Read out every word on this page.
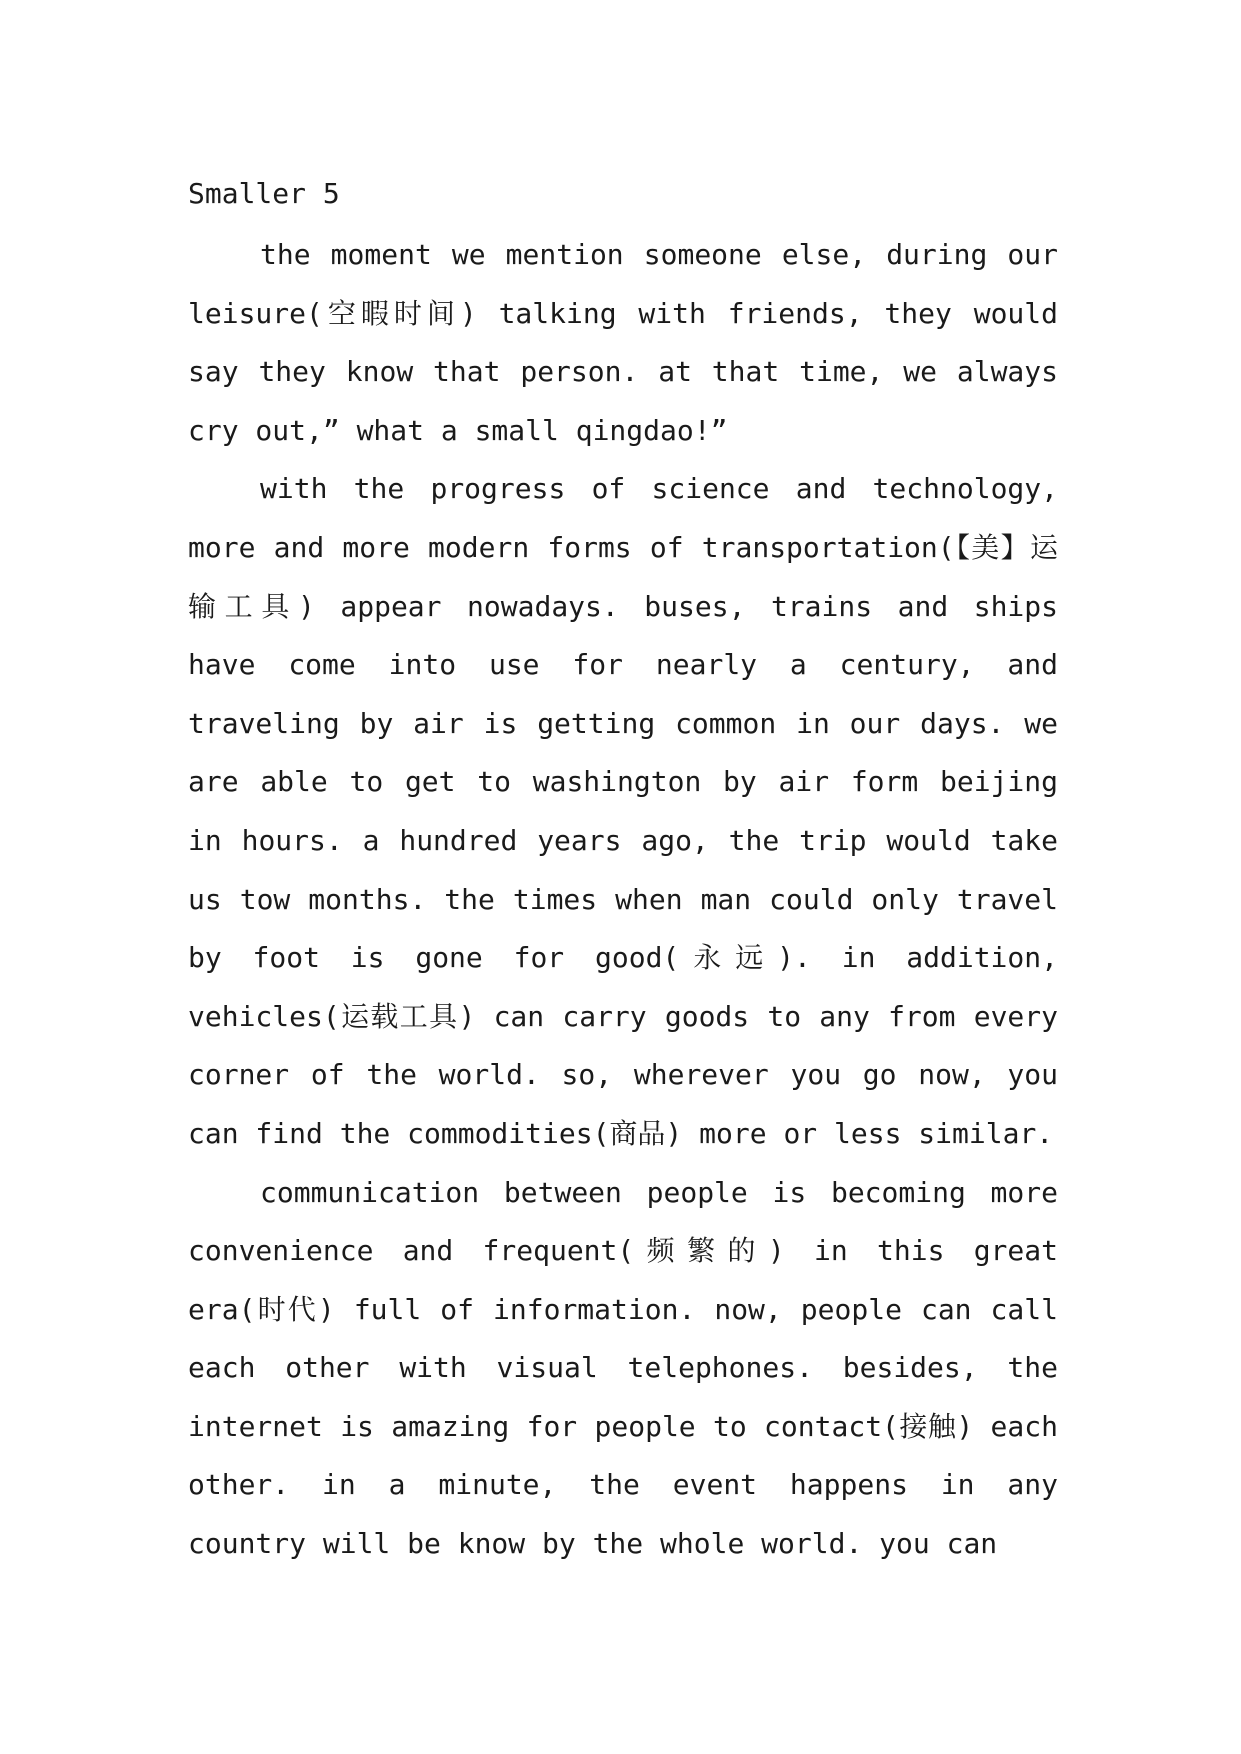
Smaller 5

the moment we mention someone else, during our leisure(空暇时间) talking with friends, they would say they know that person. at that time, we always cry out,” what a small qingdao!”

with the progress of science and technology, more and more modern forms of transportation(【美】运输工具) appear nowadays. buses, trains and ships have come into use for nearly a century, and traveling by air is getting common in our days. we are able to get to washington by air form beijing in hours. a hundred years ago, the trip would take us tow months. the times when man could only travel by foot is gone for good(永远). in addition, vehicles(运载工具) can carry goods to any from every corner of the world. so, wherever you go now, you can find the commodities(商品) more or less similar.

communication between people is becoming more convenience and frequent(频繁的) in this great era(时代) full of information. now, people can call each other with visual telephones. besides, the internet is amazing for people to contact(接触) each other. in a minute, the event happens in any country will be know by the whole world. you can
